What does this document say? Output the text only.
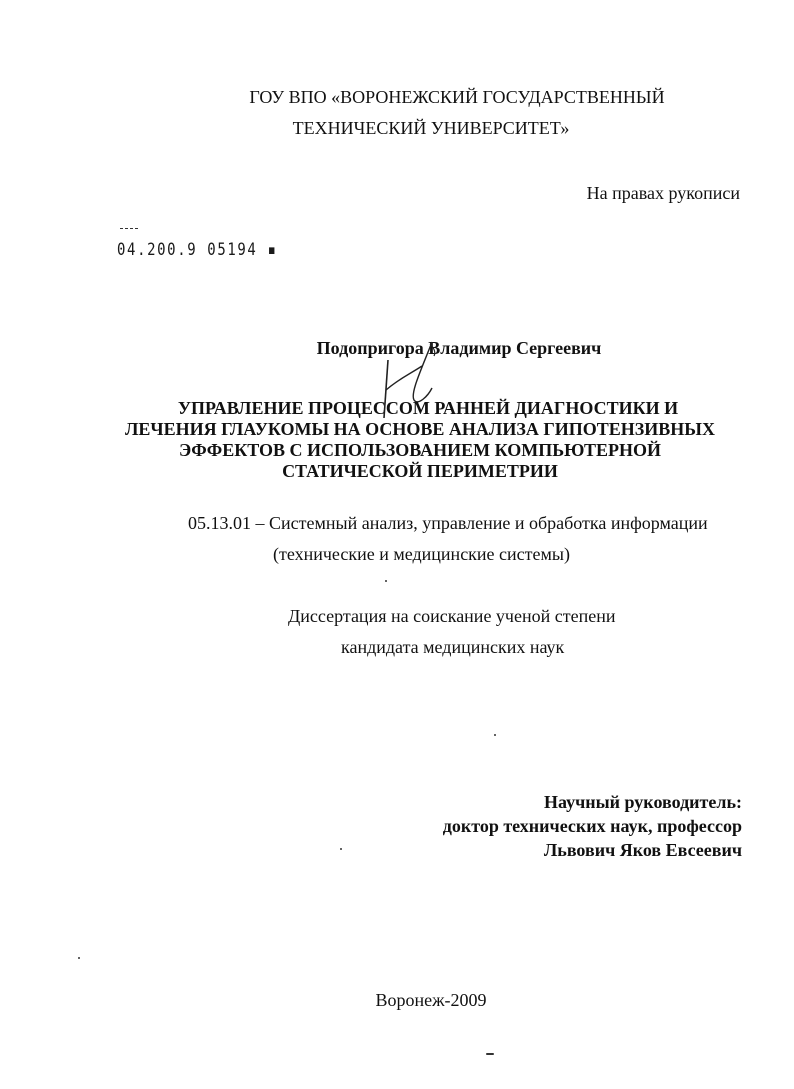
ГОУ ВПО «ВОРОНЕЖСКИЙ ГОСУДАРСТВЕННЫЙ
ТЕХНИЧЕСКИЙ УНИВЕРСИТЕТ»
На правах рукописи
04.200.9 05194 ▪
Подопригора Владимир Сергеевич
УПРАВЛЕНИЕ ПРОЦЕССОМ РАННЕЙ ДИАГНОСТИКИ И
ЛЕЧЕНИЯ ГЛАУКОМЫ НА ОСНОВЕ АНАЛИЗА ГИПОТЕНЗИВНЫХ
ЭФФЕКТОВ С ИСПОЛЬЗОВАНИЕМ КОМПЬЮТЕРНОЙ
СТАТИЧЕСКОЙ ПЕРИМЕТРИИ
05.13.01 – Системный анализ, управление и обработка информации
(технические и медицинские системы)
Диссертация на соискание ученой степени
кандидата медицинских наук
Научный руководитель:
доктор технических наук, профессор
Львович Яков Евсеевич
Воронеж-2009
